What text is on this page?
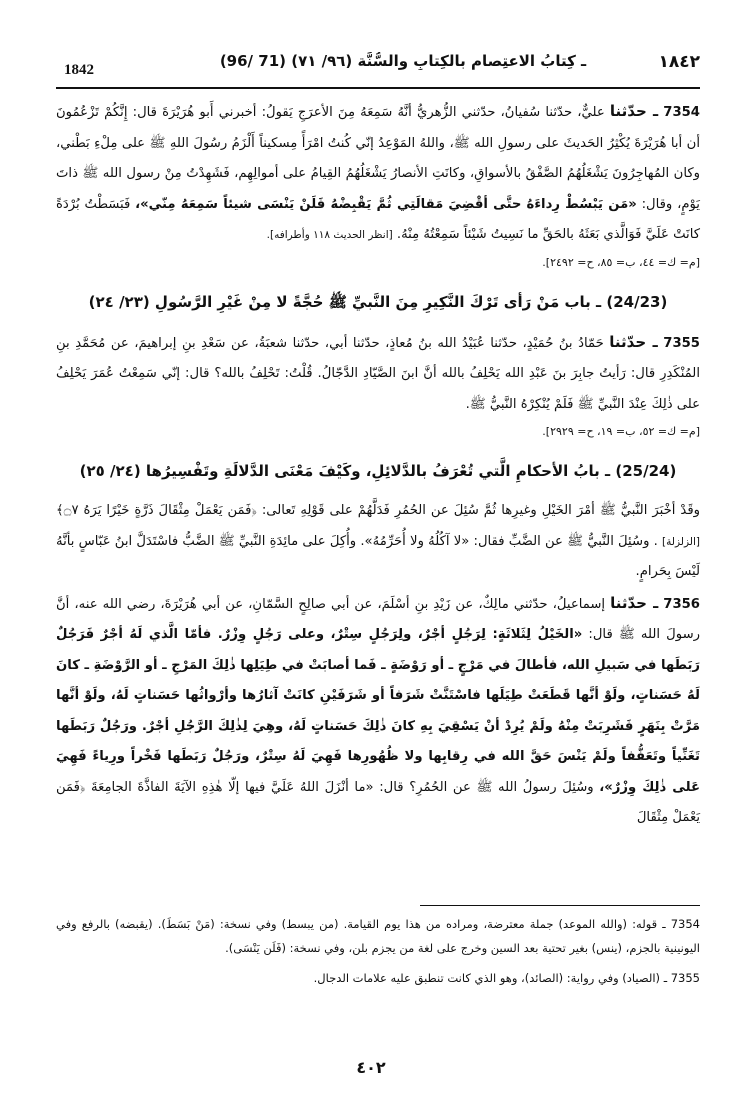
1842	(96/ 71) ـ كِتابُ الاعتِصام بالكِتابِ والسُّنَّة (٩٦/ ٧١)	١٨٤٢

7354 ـ حدّثنا عليٌّ، حدّثنا سُفيانُ، حدّثني الزُّهريُّ أنَّهُ سَمِعَهُ مِنَ الأعرَجِ يَقولُ: أخبرني أَبو هُرَيْرَةَ قال: إِنَّكُمْ تَزْعُمُونَ أن أبا هُرَيْرَةَ يُكْثِرُ الحَديثَ على رسولِ الله ﷺ، واللهُ المَوْعِدُ إنّي كُنتُ امْرَأً مِسكيناً أَلْزَمُ رسُولَ اللهِ ﷺ على مِلْءِ بَطْني، وكان المُهاجِرُونَ يَشْغَلُهُمُ الصَّفْقُ بالأسواقِ، وكانَتِ الأنصارُ يَشْغَلُهُمُ القِيامُ على أموالِهِم، فَشَهِدْتُ مِنْ رسول الله ﷺ ذاتَ يَوْمٍ، وقال: «مَن يَبْسُطْ رِداءَهُ حتَّى أقْضِيَ مَقالَتِي ثُمَّ يَقْبِضْهُ فَلَنْ يَنْسَى شيئاً سَمِعَهُ مِنّي»، فَبَسَطْتُ بُرْدَةً كانَتْ عَلَيَّ فَوَالَّذي بَعَثَهُ بالحَقِّ ما نَسِيتُ شَيْئاً سَمِعْتُهُ مِنْهُ. [انظر الحديث ١١٨ وأطرافه].
[م= ك= ٤٤، ب= ٨٥، ح= ٢٤٩٢].

(24/23) ـ باب مَنْ رَأى تَرْكَ النَّكِيرِ مِنَ النَّبيِّ ﷺ حُجَّةً لا مِنْ غَيْرِ الرَّسُولِ (٢٣/ ٢٤)

7355 ـ حدّثنا حَمّادُ بنُ حُمَيْدٍ، حدّثنا عُبَيْدُ الله بنُ مُعاذٍ، حدّثنا أبي، حدّثنا شعبَةُ، عن سَعْدِ بنِ إبراهيمَ، عن مُحَمَّدِ بنِ المُنْكَدِرِ قال: رَأيتُ جابِرَ بنَ عَبْدِ الله يَحْلِفُ بالله أنَّ ابنَ الصَّيّادِ الدَّجّالُ. قُلْتُ: تَحْلِفُ بالله؟ قال: إنّي سَمِعْتُ عُمَرَ يَحْلِفُ على ذٰلِكَ عِنْدَ النَّبيِّ ﷺ فَلَمْ يُنْكِرْهُ النَّبيُّ ﷺ.
[م= ك= ٥٢، ب= ١٩، ح= ٢٩٢٩].

(25/24) ـ بابُ الأحكامِ الَّتي تُعْرَفُ بالدَّلائِلِ، وكَيْفَ مَعْنَى الدَّلالَةِ وتَفْسِيرُها (٢٤/ ٢٥)

وقَدْ أخْبَرَ النَّبيُّ ﷺ أمْرَ الخَيْلِ وغيرِها ثُمَّ سُئِلَ عن الحُمُرِ فَدَلَّهُمْ على قَوْلِهِ تَعالى: ﴿فَمَن يَعْمَلْ مِثْقَالَ ذَرَّةٍ خَيْرًا يَرَهُ ۝٧﴾ [الزلزلة] . وسُئِلَ النَّبيُّ ﷺ عن الضَّبِّ فقال: «لا آكُلُهُ ولا أُحَرِّمُهُ». وأُكِلَ على مائِدَةِ النَّبيِّ ﷺ الضَّبُّ فاسْتَدَلَّ ابنُ عَبّاسٍ بأنَّهُ لَيْسَ بِحَرامٍ.

7356 ـ حدّثنا إسماعيلُ، حدّثني مالِكٌ، عن زَيْدِ بنِ أسْلَمَ، عن أبي صالِحٍ السَّمّانِ، عن أبي هُرَيْرَةَ، رضي الله عنه، أنَّ رسولَ الله ﷺ قال: «الخَيْلُ لِثَلاثَةٍ: لِرَجُلٍ أجْرٌ، ولِرَجُلٍ سِتْرٌ، وعلى رَجُلٍ وِزْرٌ. فأمّا الَّذي لَهُ أجْرٌ فَرَجُلٌ رَبَطَها في سَبيلِ الله، فأطالَ في مَرْجٍ ـ أو رَوْضَةٍ ـ فَما أصابَتْ في طِيَلِها ذٰلِكَ المَرْجِ ـ أو الرَّوْضَةِ ـ كانَ لَهُ حَسَناتٍ، ولَوْ أنَّها قَطَعَتْ طِيَلَها فاسْتَنَّتْ شَرَفاً أو شَرَفَيْنِ كانَتْ آثارُها وأرْواثُها حَسَناتٍ لَهُ، ولَوْ أنَّها مَرَّتْ بِنَهَرٍ فَشَرِبَتْ مِنْهُ ولَمْ يُرِدْ أنْ يَسْقِيَ بِهِ كانَ ذٰلِكَ حَسَناتٍ لَهُ، وهِيَ لِذٰلِكَ الرَّجُلِ أجْرٌ. ورَجُلٌ رَبَطَها تَغَنِّياً وتَعَفُّفاً ولَمْ يَنْسَ حَقَّ الله في رِقابِها ولا ظُهُورِها فَهِيَ لَهُ سِتْرٌ، ورَجُلٌ رَبَطَها فَخْراً ورِياءً فَهِيَ عَلى ذٰلِكَ وِزْرٌ»، وسُئِلَ رسولُ الله ﷺ عن الحُمُرِ؟ قال: «ما أنْزَلَ اللهُ عَلَيَّ فيها إلّا هٰذِهِ الآيَةَ الفاذَّةَ الجامِعَةَ ﴿فَمَن يَعْمَلْ مِثْقَالَ

7354 ـ قوله: (والله الموعد) جملة معترضة، ومراده من هذا يوم القيامة. (من يبسط) وفي نسخة: (مَنْ بَسَطَ). (يقبضه) بالرفع وفي اليونينية بالجزم، (ينس) بغير تحتية بعد السين وخرج على لغة من يجزم بلن، وفي نسخة: (فَلَن يَنْسَى).

7355 ـ (الصياد) وفي رواية: (الصائد)، وهو الذي كانت تنطبق عليه علامات الدجال.

٤٠٢
